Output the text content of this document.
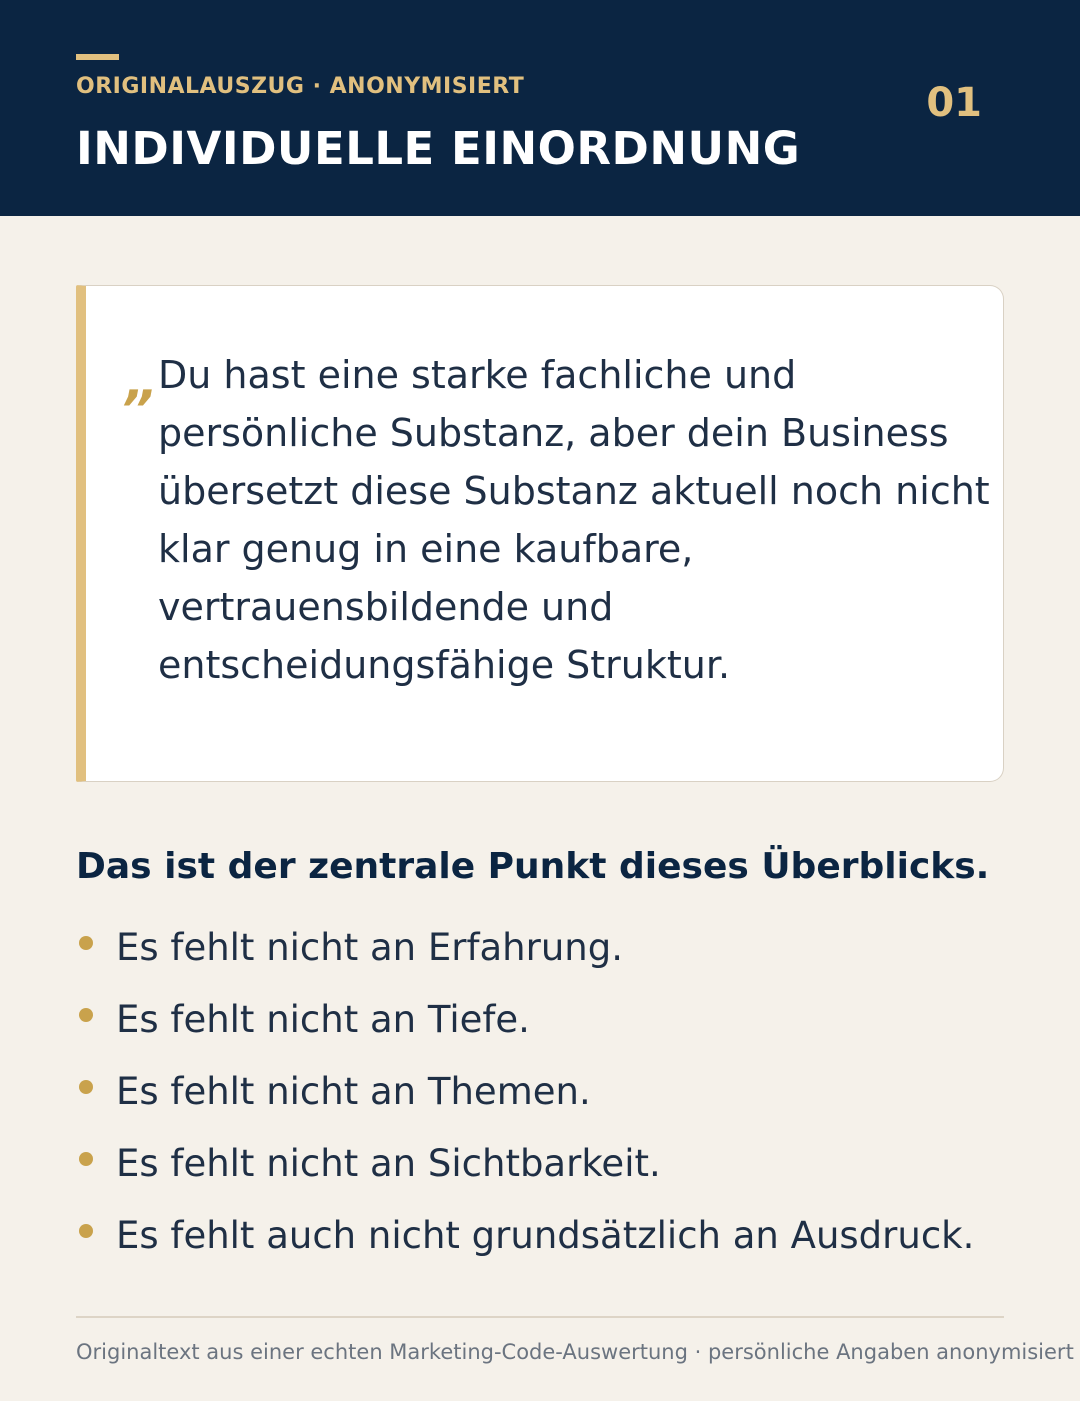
ORIGINALAUSZUG · ANONYMISIERT
INDIVIDUELLE EINORDNUNG
01
”

Du hast eine starke fachliche und persönliche Substanz, aber dein Business übersetzt diese Substanz aktuell noch nicht klar genug in eine kaufbare, vertrauensbildende und entscheidungsfähige Struktur.

Das ist der zentrale Punkt dieses Überblicks.
Es fehlt nicht an Erfahrung.
Es fehlt nicht an Tiefe.
Es fehlt nicht an Themen.
Es fehlt nicht an Sichtbarkeit.
Es fehlt auch nicht grundsätzlich an Ausdruck.
Originaltext aus einer echten Marketing-Code-Auswertung · persönliche Angaben anonymisiert
